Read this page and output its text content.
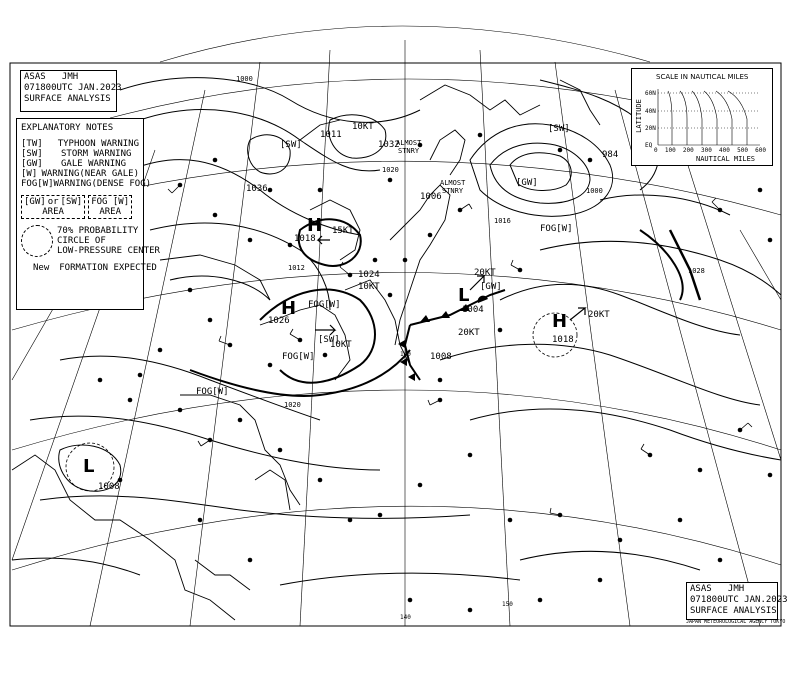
ASAS   JMH
071800UTC JAN.2023
SURFACE ANALYSIS
EXPLANATORY NOTES
[TW]	TYPHOON WARNING
[SW]	STORM WARNING
[GW]	GALE WARNING
[W] WARNING(NEAR GALE)
FOG[W] WARNING(DENSE FOG)
[GW] or [SW]
AREA
FOG [W]
AREA
70% PROBABILITY
CIRCLE OF
LOW-PRESSURE CENTER
New FORMATION EXPECTED
SCALE IN NAUTICAL MILES
LATITUDE
60N
40N
20N
EQ
0 100 200 300 400 500 600
NAUTICAL MILES
ASAS   JMH
071800UTC JAN.2023
SURFACE ANALYSIS
JAPAN METEOROLOGICAL AGENCY TOKYO
L
1008
H
1026
H
1018
L
1004
H
1018
15KT
10KT
20KT
20KT
20KT
10KT
10KT
FOG[W]
FOG[W]
FOG[W]
FOG[W]
[GW]
[GW]
[SW]
[SW]
[SW]	ALMOST
STNRY
ALMOST
STNRY
1000
1020
1024
1012
1000
1020
1028
1006
1008
1011
1032
1036
984
1016
140
140
150
